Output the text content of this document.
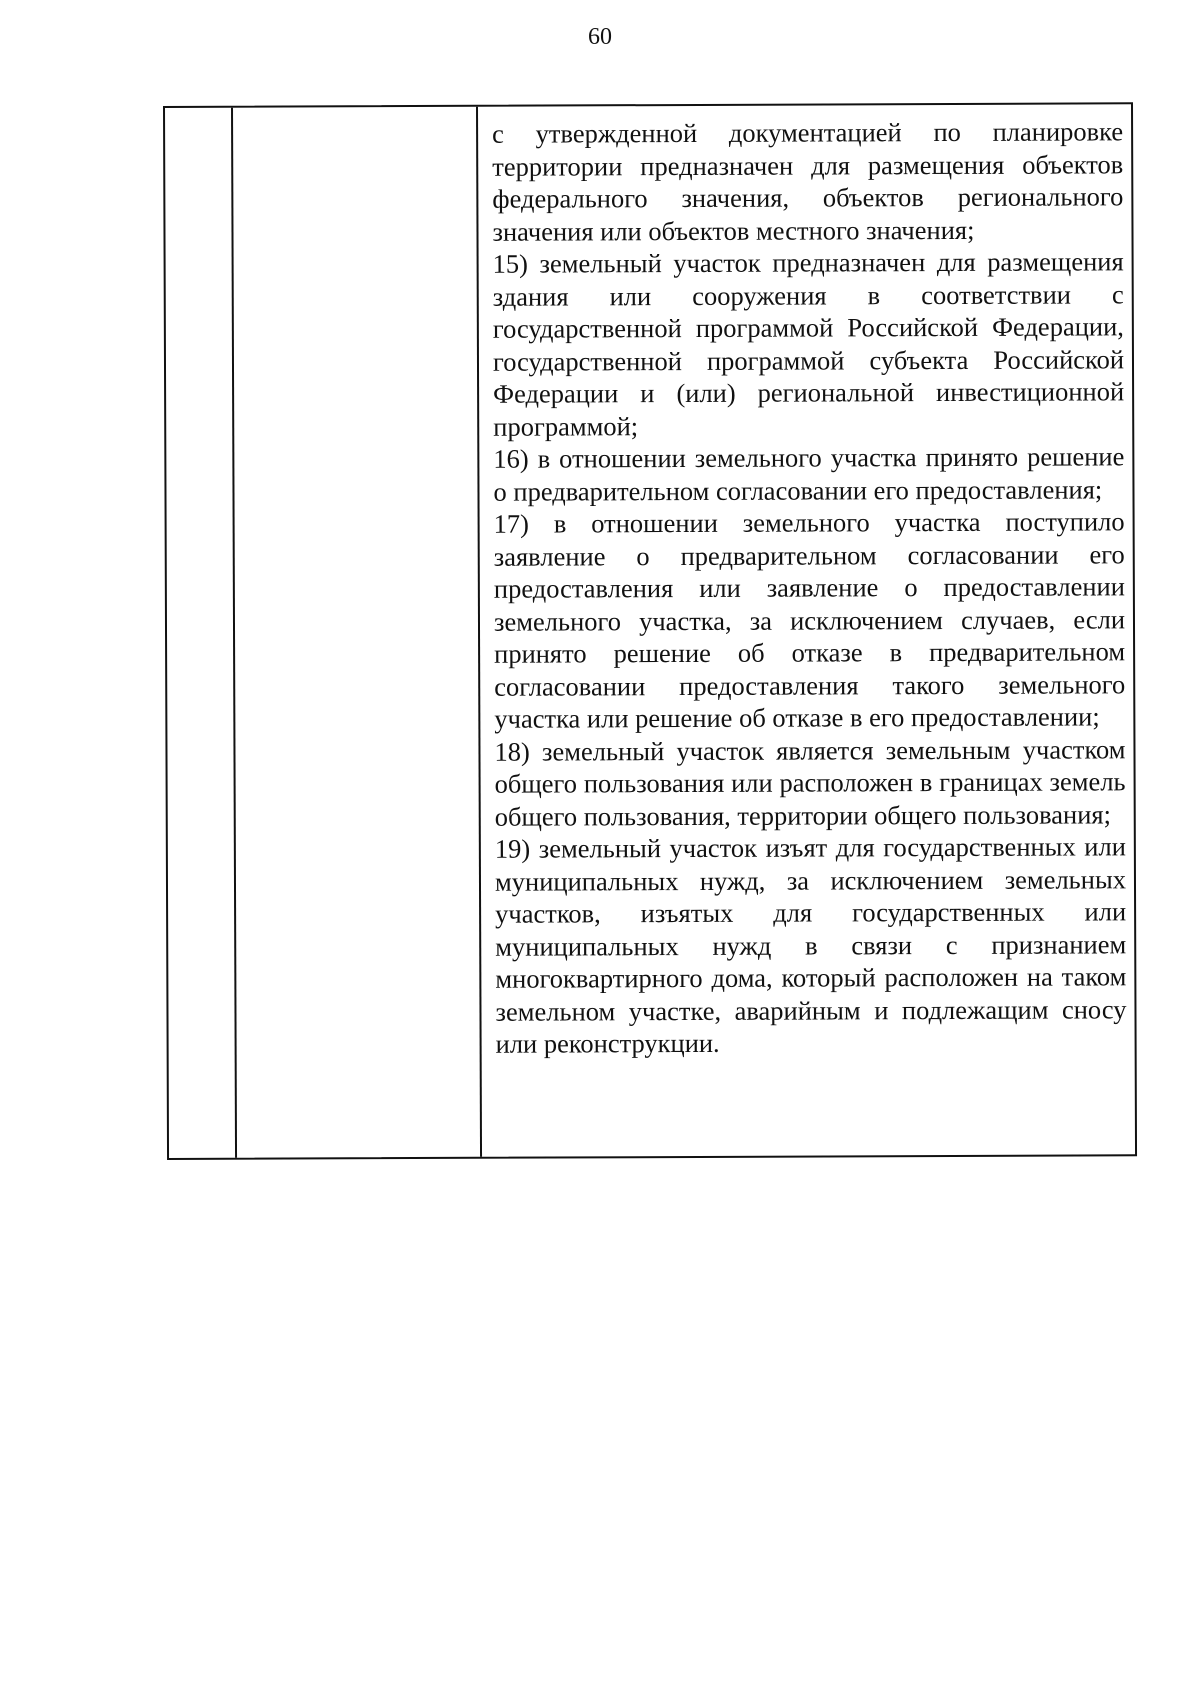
60

с утвержденной документацией по планировке территории предназначен для размещения объектов федерального значения, объектов регионального значения или объектов местного значения;

15) земельный участок предназначен для размещения здания или сооружения в соответствии с государственной программой Российской Федерации, государственной программой субъекта Российской Федерации и (или) региональной инвестиционной программой;

16) в отношении земельного участка принято решение о предварительном согласовании его предоставления;

17) в отношении земельного участка поступило заявление о предварительном согласовании его предоставления или заявление о предоставлении земельного участка, за исключением случаев, если принято решение об отказе в предварительном согласовании предоставления такого земельного участка или решение об отказе в его предоставлении;

18) земельный участок является земельным участком общего пользования или расположен в границах земель общего пользования, территории общего пользования;

19) земельный участок изъят для государственных или муниципальных нужд, за исключением земельных участков, изъятых для государственных или муниципальных нужд в связи с признанием многоквартирного дома, который расположен на таком земельном участке, аварийным и подлежащим сносу или реконструкции.
